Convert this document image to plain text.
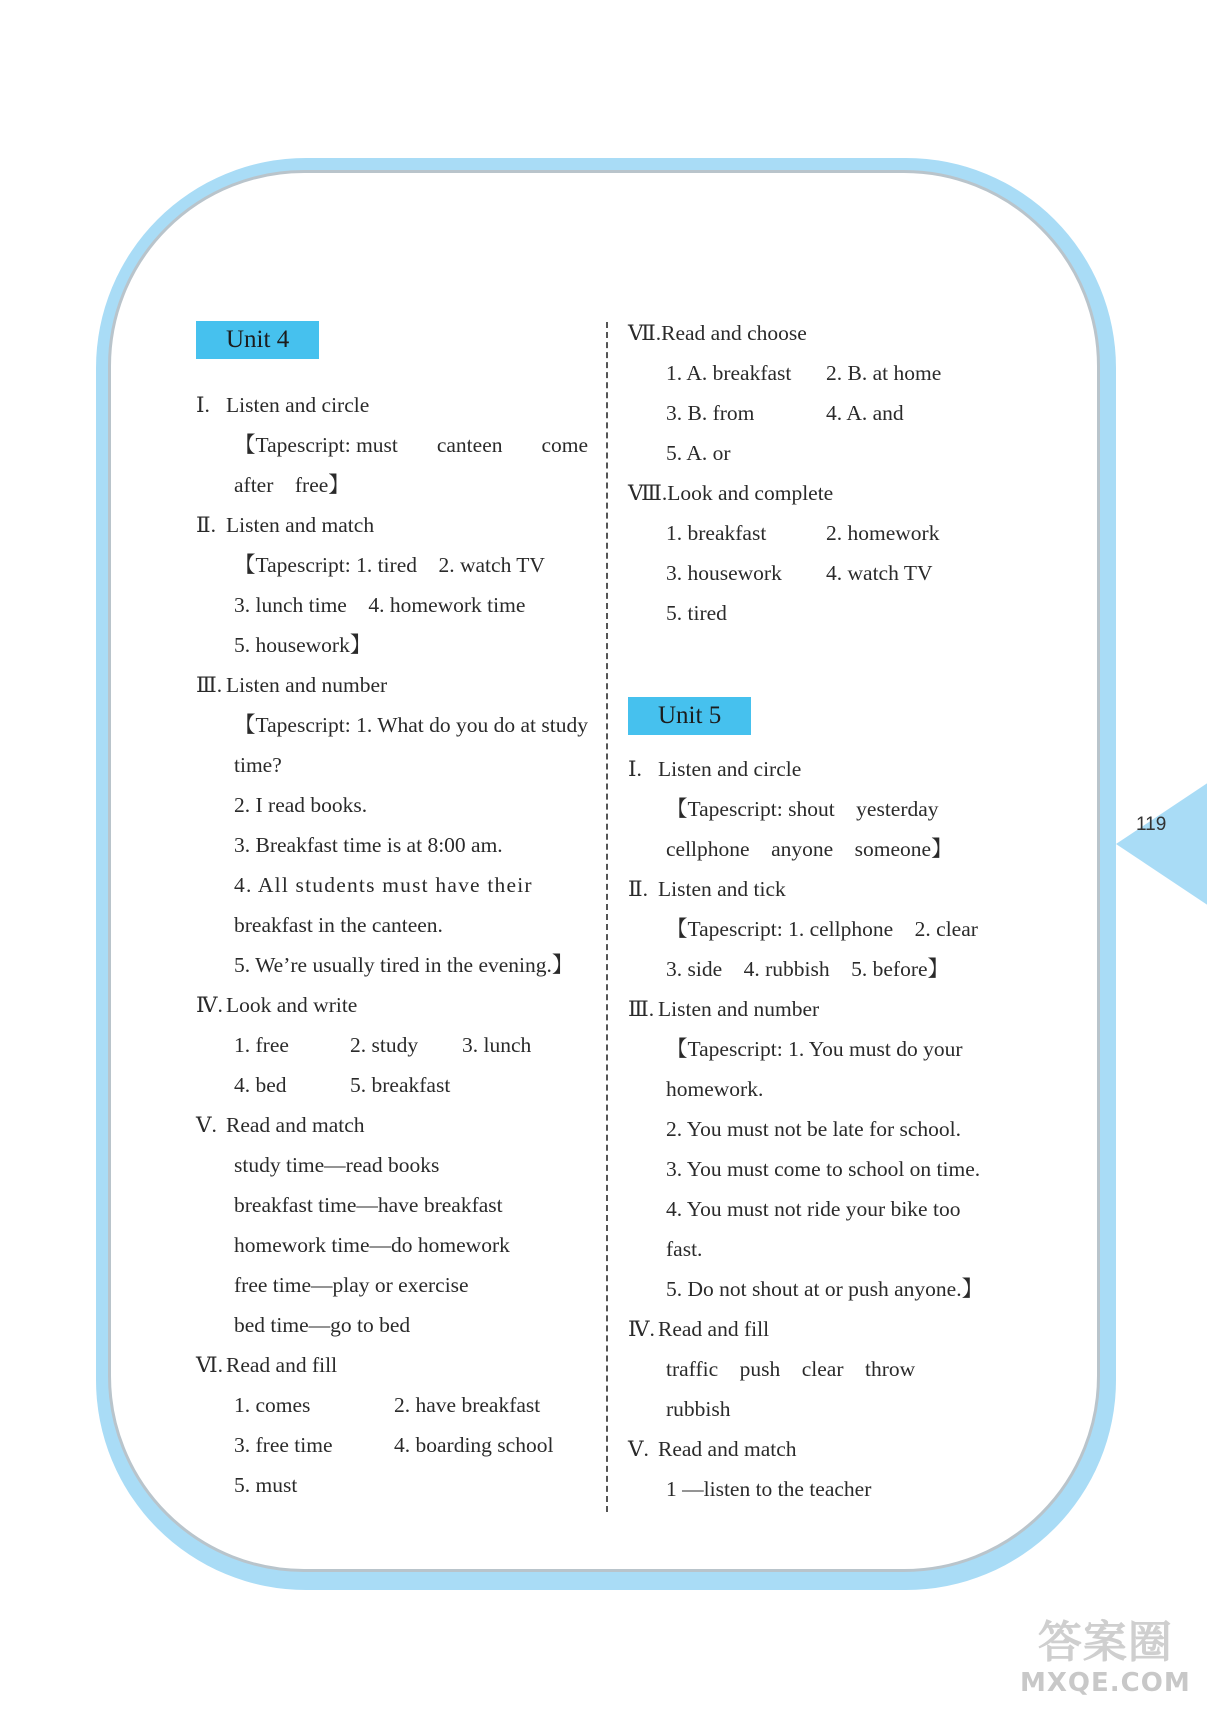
Unit 4
Ⅰ. Listen and circle
【Tapescript: must canteen come
after　free】
Ⅱ. Listen and match
【Tapescript: 1. tired　2. watch TV
3. lunch time　4. homework time
5. housework】
Ⅲ. Listen and number
【Tapescript: 1. What do you do at study
time?
2. I read books.
3. Breakfast time is at 8:00 am.
4. All students must have their
breakfast in the canteen.
5. We’re usually tired in the evening.】
Ⅳ. Look and write
1. free	2. study	3. lunch
4. bed	5. breakfast
Ⅴ. Read and match
study time—read books
breakfast time—have breakfast
homework time—do homework
free time—play or exercise
bed time—go to bed
Ⅵ. Read and fill
1. comes	2. have breakfast
3. free time	4. boarding school
5. must
Ⅶ.Read and choose
1. A. breakfast	2. B. at home
3. B. from	4. A. and
5. A. or
Ⅷ.Look and complete
1. breakfast	2. homework
3. housework	4. watch TV
5. tired
Unit 5
Ⅰ. Listen and circle
【Tapescript: shout　yesterday
cellphone　anyone　someone】
Ⅱ. Listen and tick
【Tapescript: 1. cellphone　2. clear
3. side　4. rubbish　5. before】
Ⅲ. Listen and number
【Tapescript: 1. You must do your
homework.
2. You must not be late for school.
3. You must come to school on time.
4. You must not ride your bike too
fast.
5. Do not shout at or push anyone.】
Ⅳ. Read and fill
traffic　push　clear　throw
rubbish
Ⅴ. Read and match
1 —listen to the teacher
119
答案圈
MXQE.COM
